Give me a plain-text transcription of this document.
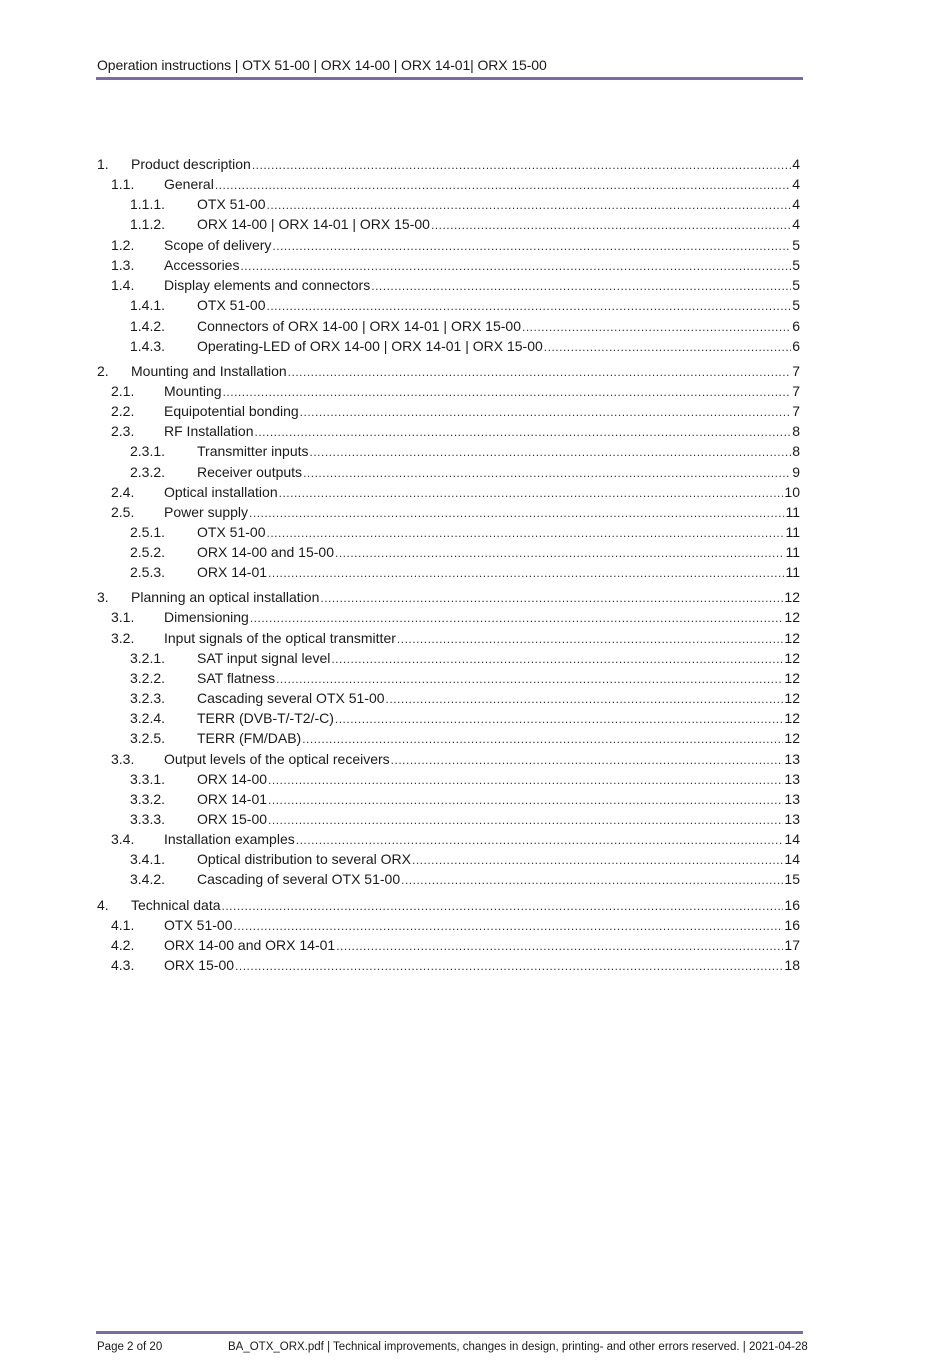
Operation instructions | OTX 51-00 | ORX 14-00 | ORX 14-01| ORX 15-00
1.	Product description .....	4
1.1.	General .....	4
1.1.1.	OTX 51-00 .....	4
1.1.2.	ORX 14-00 | ORX 14-01 | ORX 15-00 .....	4
1.2.	Scope of delivery .....	5
1.3.	Accessories .....	5
1.4.	Display elements and connectors .....	5
1.4.1.	OTX 51-00 .....	5
1.4.2.	Connectors of ORX 14-00 | ORX 14-01 | ORX 15-00 .....	6
1.4.3.	Operating-LED of ORX 14-00 | ORX 14-01 | ORX 15-00 .....	6
2.	Mounting and Installation .....	7
2.1.	Mounting .....	7
2.2.	Equipotential bonding .....	7
2.3.	RF Installation .....	8
2.3.1.	Transmitter inputs .....	8
2.3.2.	Receiver outputs .....	9
2.4.	Optical installation .....	10
2.5.	Power supply .....	11
2.5.1.	OTX 51-00 .....	11
2.5.2.	ORX 14-00 and 15-00 .....	11
2.5.3.	ORX 14-01 .....	11
3.	Planning an optical installation .....	12
3.1.	Dimensioning .....	12
3.2.	Input signals of the optical transmitter .....	12
3.2.1.	SAT input signal level .....	12
3.2.2.	SAT flatness .....	12
3.2.3.	Cascading several OTX 51-00 .....	12
3.2.4.	TERR (DVB-T/-T2/-C) .....	12
3.2.5.	TERR (FM/DAB) .....	12
3.3.	Output levels of the optical receivers .....	13
3.3.1.	ORX 14-00 .....	13
3.3.2.	ORX 14-01 .....	13
3.3.3.	ORX 15-00 .....	13
3.4.	Installation examples .....	14
3.4.1.	Optical distribution to several ORX .....	14
3.4.2.	Cascading of several OTX 51-00 .....	15
4.	Technical data .....	16
4.1.	OTX 51-00 .....	16
4.2.	ORX 14-00 and ORX 14-01 .....	17
4.3.	ORX 15-00 .....	18
Page 2 of 20	BA_OTX_ORX.pdf | Technical improvements, changes in design, printing- and other errors reserved. | 2021-04-28
